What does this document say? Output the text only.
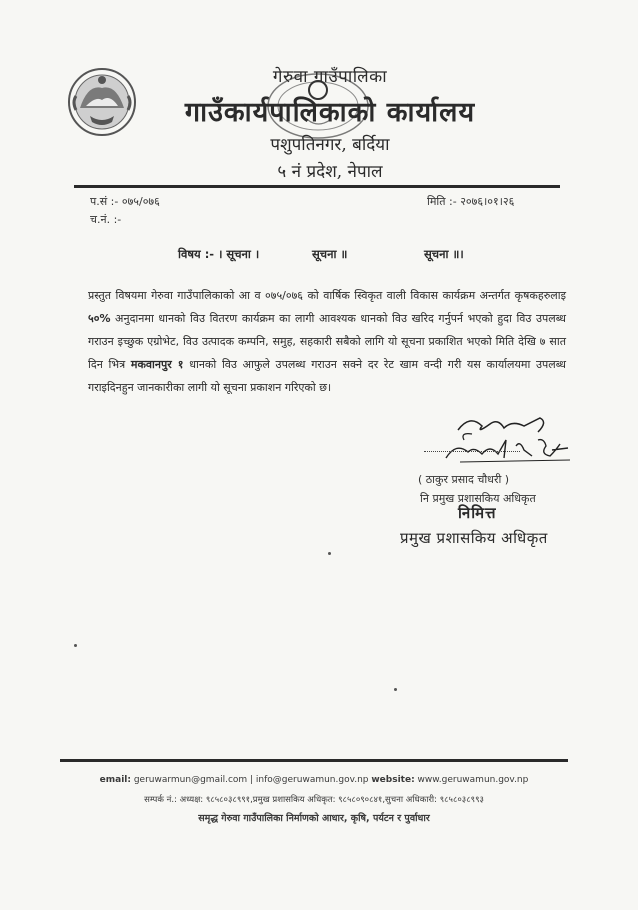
गेरुवा गाउँपालिका
गाउँकार्यपालिकाको कार्यालय
पशुपतिनगर, बर्दिया
५ नं प्रदेश, नेपाल
प.सं :- ०७५/०७६
च.नं. :-
मिति :- २०७६।०१।२६
विषय :- । सूचना ।	सूचना ॥	सूचना ॥।

प्रस्तुत विषयमा गेरुवा गाउँपालिकाको आ व ०७५/०७६ को वार्षिक स्विकृत वाली विकास कार्यक्रम अन्तर्गत कृषकहरुलाइ ५०% अनुदानमा धानको विउ वितरण कार्यक्रम का लागी आवश्यक धानको विउ खरिद गर्नुपर्न भएको हुदा विउ उपलब्ध गराउन इच्छुक एग्रोभेट, विउ उत्पादक कम्पनि, समुह, सहकारी सबैको लागि यो सूचना प्रकाशित भएको मिति देखि ७ सात दिन भित्र मकवानपुर १ धानको विउ आफुले उपलब्ध गराउन सक्ने दर रेट खाम वन्दी गरी यस कार्यालयमा उपलब्ध गराइदिनहुन जानकारीका लागी यो सूचना प्रकाशन गरिएको छ।

( ठाकुर प्रसाद चौधरी )
नि प्रमुख प्रशासकिय अधिकृत
निमित्त
प्रमुख प्रशासकिय अधिकृत
email: geruwarmun@gmail.com | info@geruwamun.gov.np website: www.geruwamun.gov.np
सम्पर्क नं.: अध्यक्ष: ९८५८०३८९९१,प्रमुख प्रशासकिय अधिकृत: ९८५८०९०८४१,सुचना अधिकारी: ९८५८०३८९९३
समृद्ध गेरुवा गाउँपालिका निर्माणको आधार, कृषि, पर्यटन र पुर्वाधार
